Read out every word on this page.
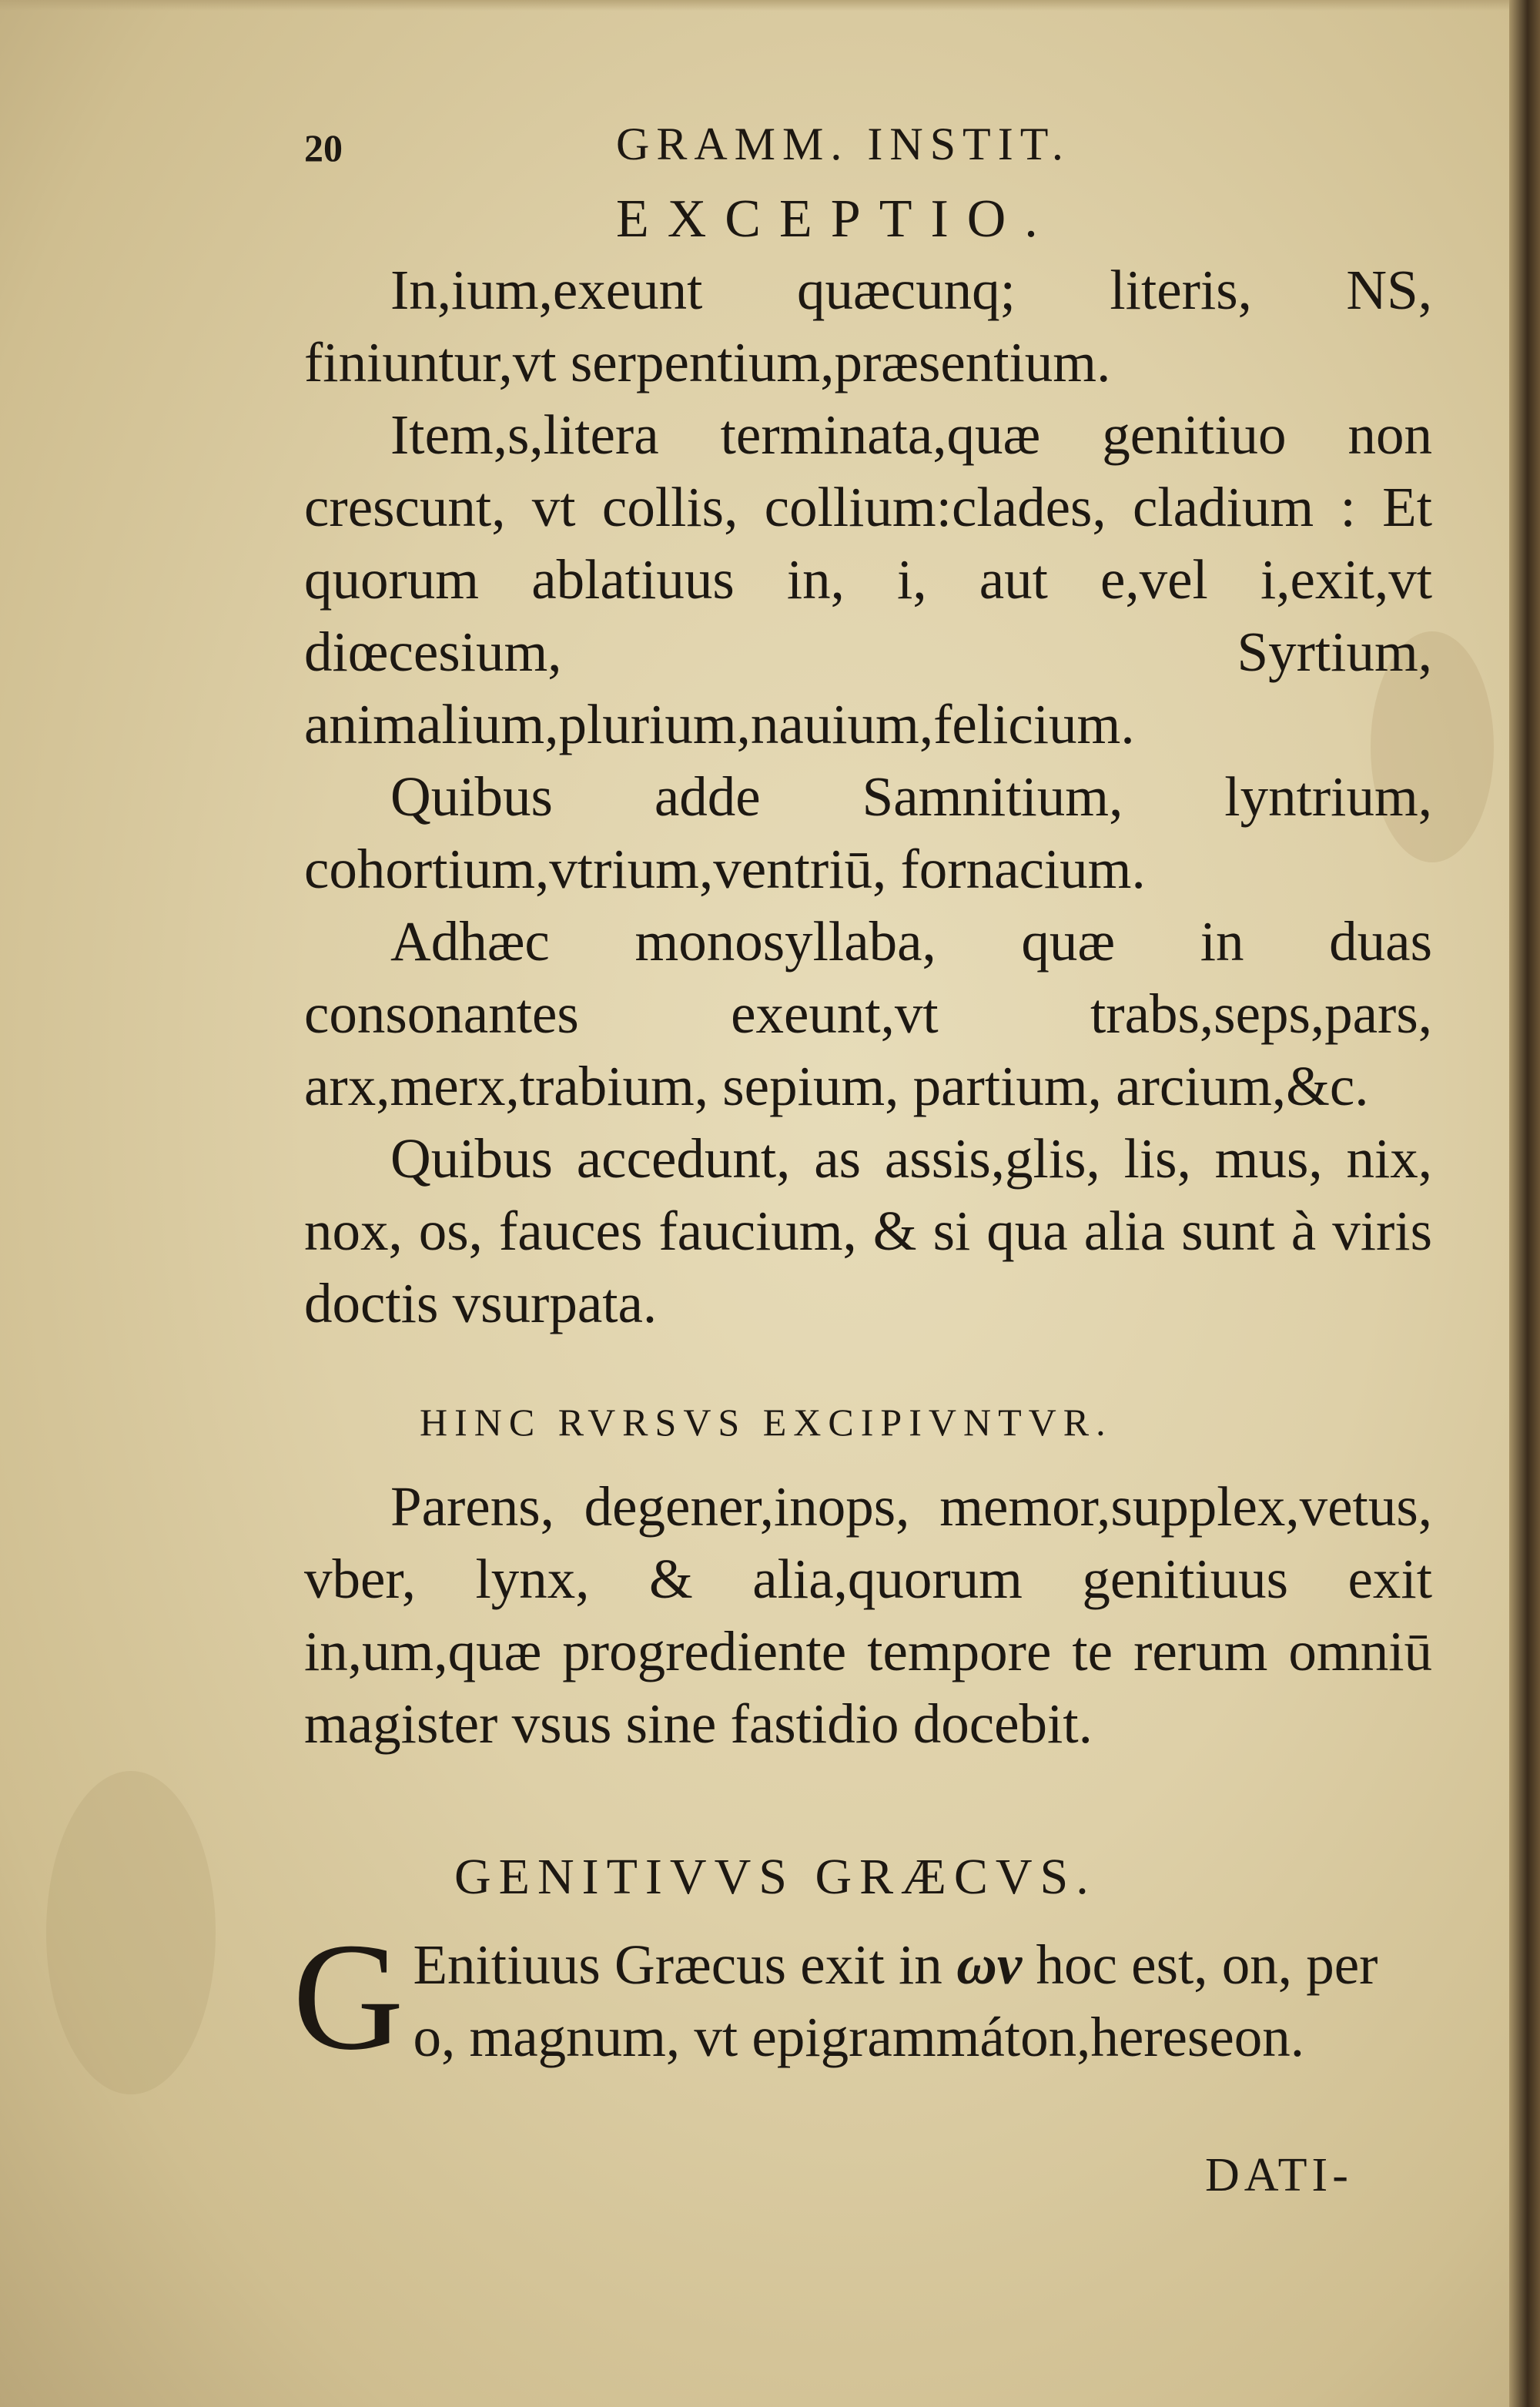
20	GRAMM. INSTIT.
EXCEPTIO.

In,ium,exeunt quæcunq; literis, NS, finiuntur,vt serpentium,præsentium.

Item,s,litera terminata,quæ genitiuo non crescunt, vt collis, collium:clades, cladium : Et quorum ablatiuus in, i, aut e,vel i,exit,vt diœcesium, Syrtium, animalium,plurium,nauium,felicium.

Quibus adde Samnitium, lyntrium, cohortium,vtrium,ventriū, fornacium.

Adhæc monosyllaba, quæ in duas consonantes exeunt,vt trabs,seps,pars, arx,merx,trabium, sepium, partium, arcium,&c.

Quibus accedunt, as assis,glis, lis, mus, nix, nox, os, fauces faucium, & si qua alia sunt à viris doctis vsurpata.

HINC RVRSVS EXCIPIVNTVR.

Parens, degener,inops, memor,supplex,vetus, vber, lynx, & alia,quorum genitiuus exit in,um,quæ progrediente tempore te rerum omniū magister vsus sine fastidio docebit.

GENITIVVS GRÆCVS.
G Enitiuus Græcus exit in ων hoc est, on, per o, magnum, vt epigrammáton,hereseon.
DATI-
